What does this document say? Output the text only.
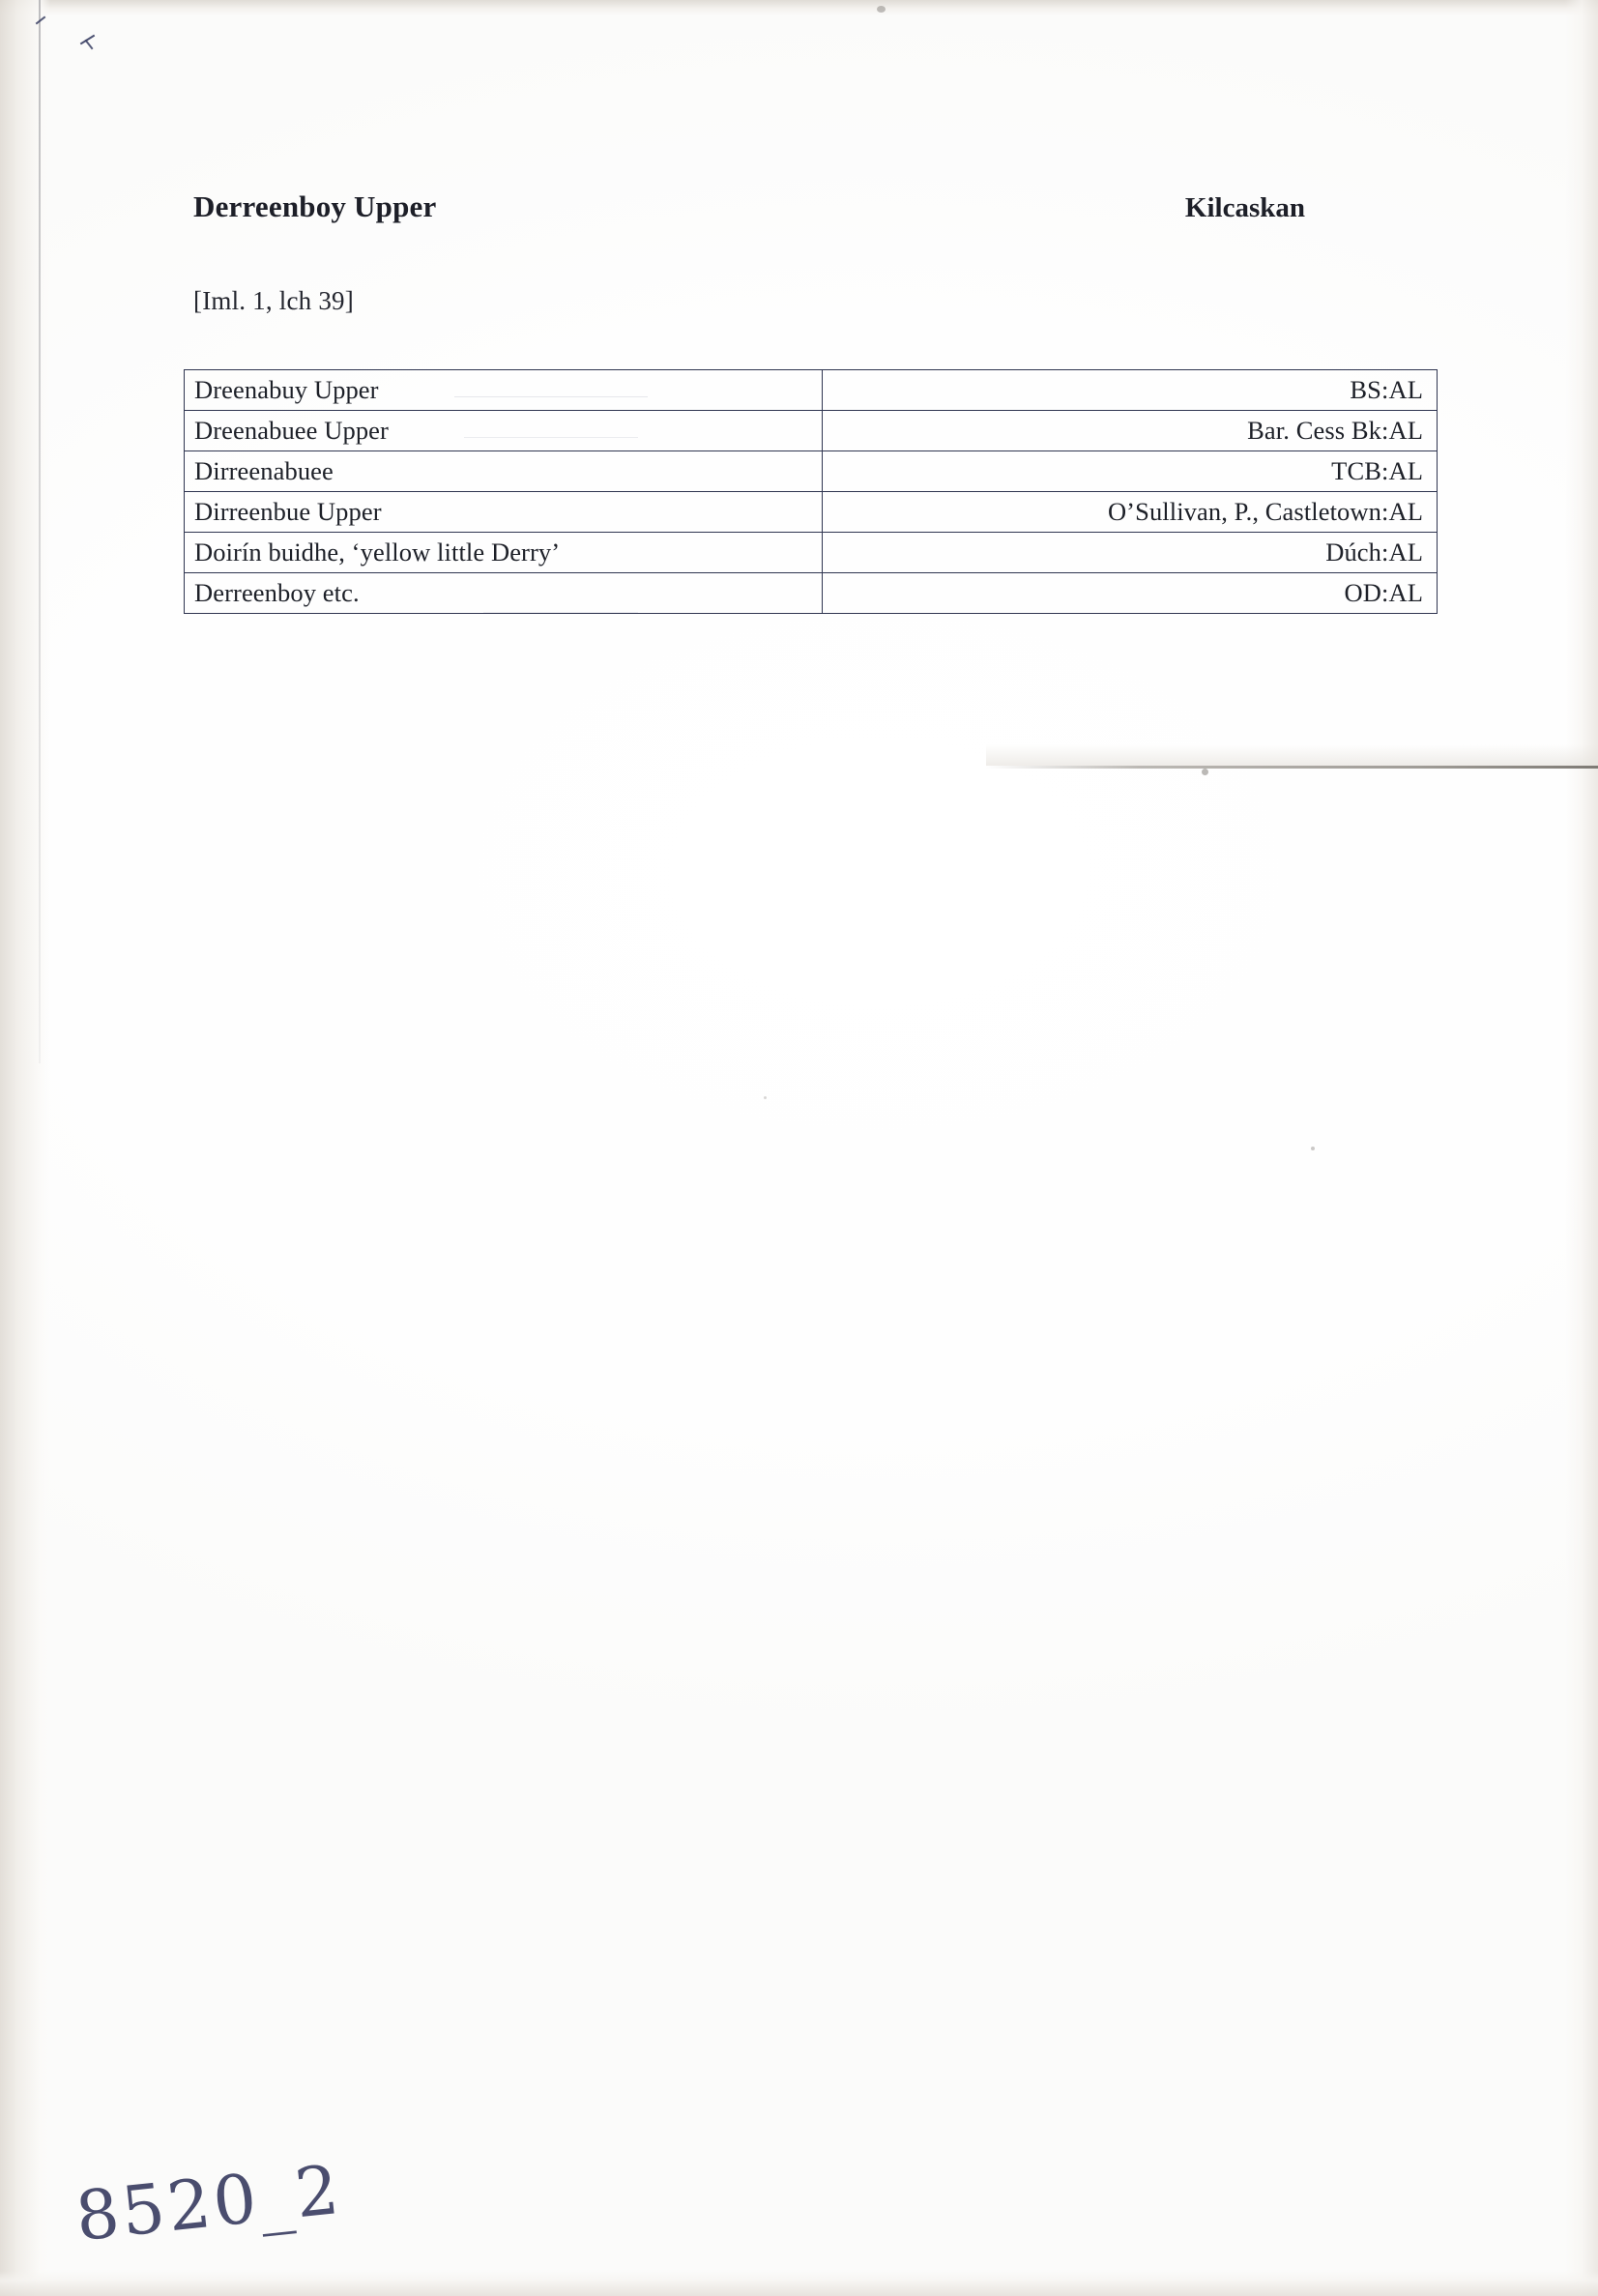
Derreenboy Upper	Kilcaskan
[Iml. 1, lch 39]
Dreenabuy Upper	BS:AL
Dreenabuee Upper	Bar. Cess Bk:AL
Dirreenabuee	TCB:AL
Dirreenbue Upper	O’Sullivan, P., Castletown:AL
Doirín buidhe, ‘yellow little Derry’	Dúch:AL
Derreenboy etc.	OD:AL
8520_2
